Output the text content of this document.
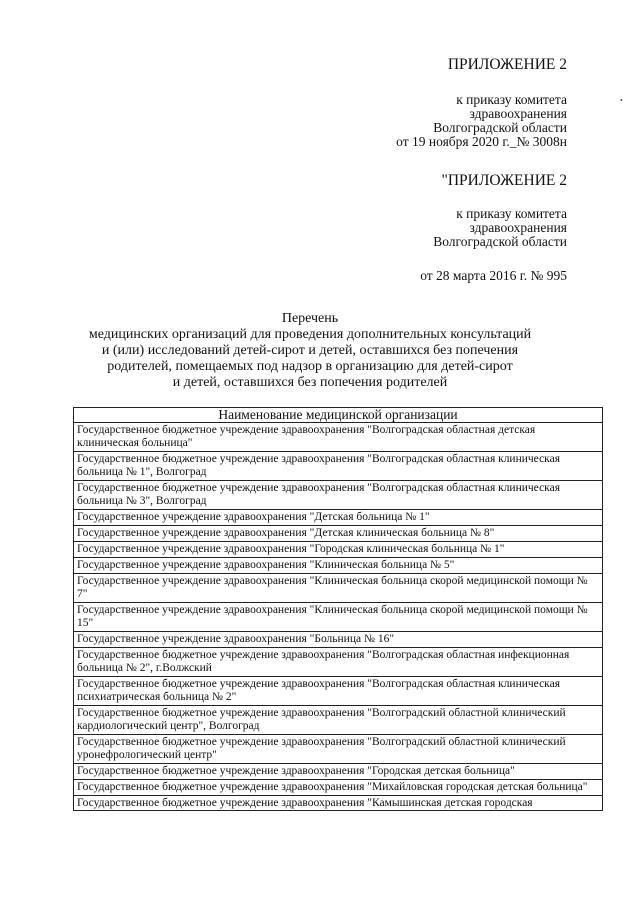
ПРИЛОЖЕНИЕ 2
к приказу комитета
здравоохранения
Волгоградской области
от 19 ноября 2020 г._№ 3008н
•
"ПРИЛОЖЕНИЕ 2
к приказу комитета
здравоохранения
Волгоградской области
от 28 марта 2016 г. № 995
Перечень
медицинских организаций для проведения дополнительных консультаций
и (или) исследований детей-сирот и детей, оставшихся без попечения
родителей, помещаемых под надзор в организацию для детей-сирот
и детей, оставшихся без попечения родителей
Наименование медицинской организации
Государственное бюджетное учреждение здравоохранения "Волгоградская областная детская клиническая больница"
Государственное бюджетное учреждение здравоохранения "Волгоградская областная клиническая больница № 1", Волгоград
Государственное бюджетное учреждение здравоохранения "Волгоградская областная клиническая больница № 3", Волгоград
Государственное учреждение здравоохранения "Детская больница № 1"
Государственное учреждение здравоохранения "Детская клиническая больница № 8"
Государственное учреждение здравоохранения "Городская клиническая больница № 1"
Государственное учреждение здравоохранения "Клиническая больница № 5"
Государственное учреждение здравоохранения "Клиническая больница скорой медицинской помощи № 7"
Государственное учреждение здравоохранения "Клиническая больница скорой медицинской помощи № 15"
Государственное учреждение здравоохранения "Больница № 16"
Государственное бюджетное учреждение здравоохранения "Волгоградская областная инфекционная больница № 2", г.Волжский
Государственное бюджетное учреждение здравоохранения "Волгоградская областная клиническая психиатрическая больница № 2"
Государственное бюджетное учреждение здравоохранения "Волгоградский областной клинический кардиологический центр", Волгоград
Государственное бюджетное учреждение здравоохранения "Волгоградский областной клинический уронефрологический центр"
Государственное бюджетное учреждение здравоохранения "Городская детская больница"
Государственное бюджетное учреждение здравоохранения "Михайловская городская детская больница"

Государственное бюджетное учреждение здравоохранения "Камышинская детская городская
